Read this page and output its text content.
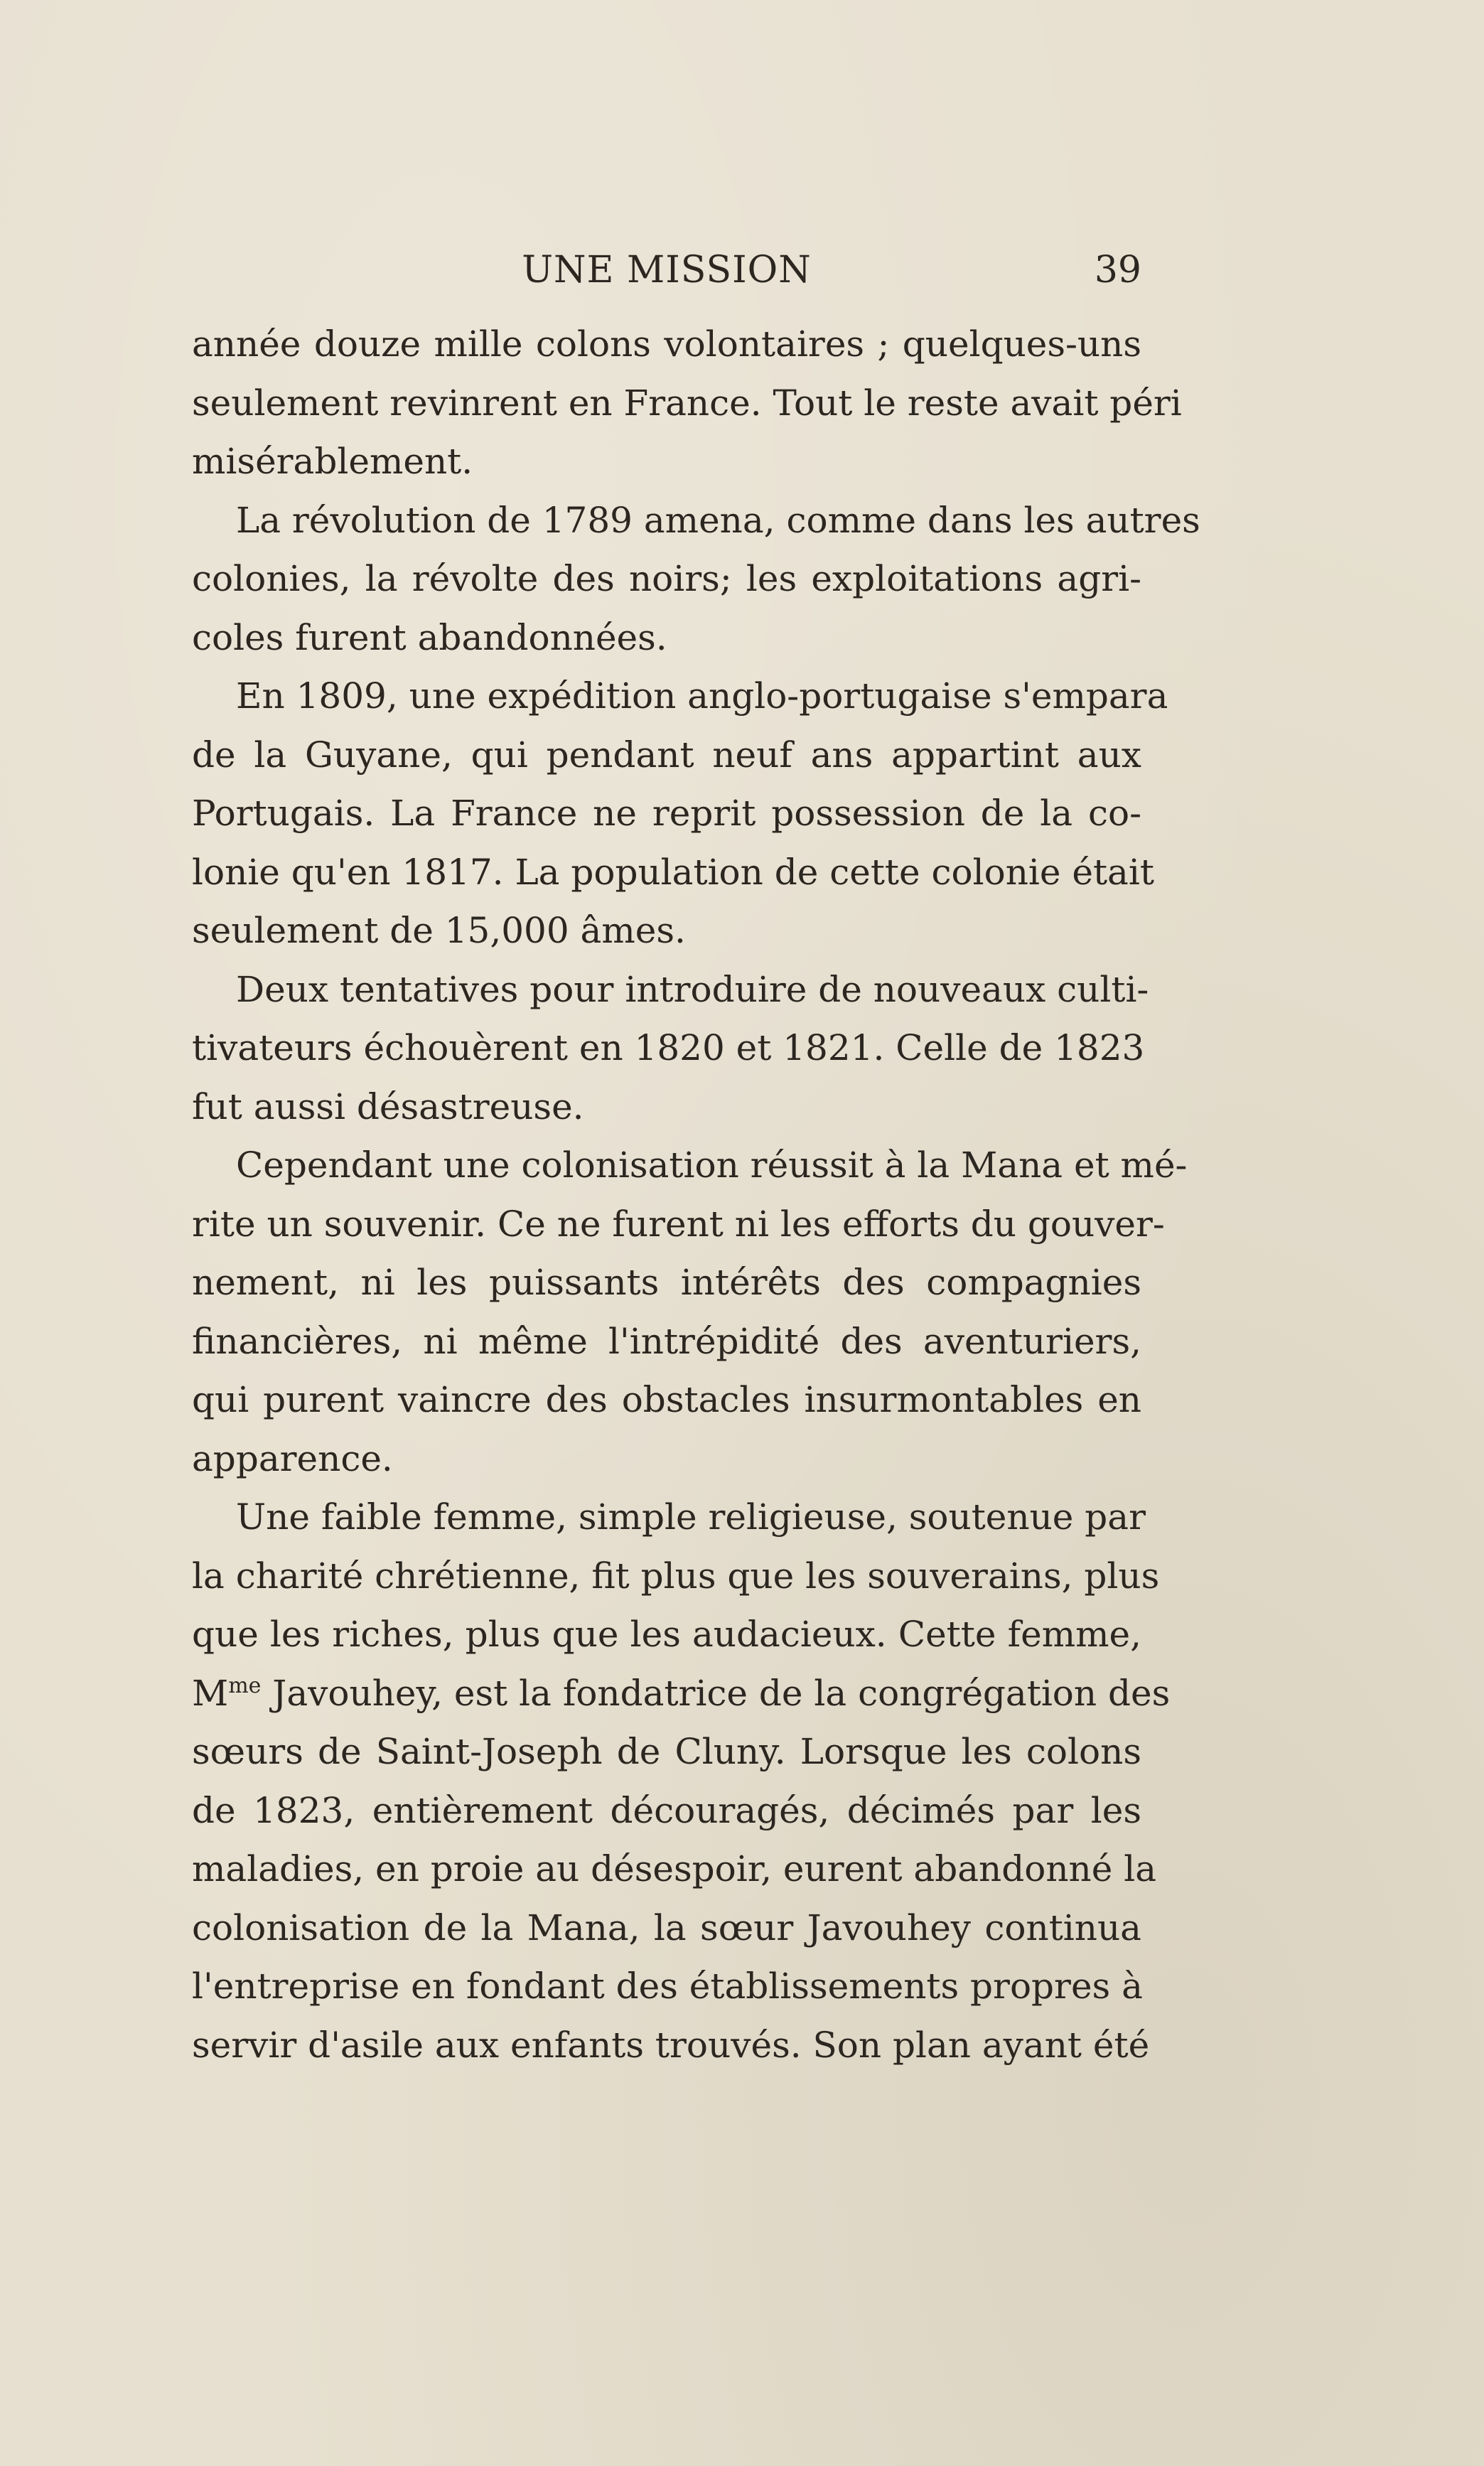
UNE MISSION	39
année douze mille colons volontaires ; quelques-uns
seulement revinrent en France. Tout le reste avait péri
misérablement.
La révolution de 1789 amena, comme dans les autres
colonies, la révolte des noirs; les exploitations agri-
coles furent abandonnées.
En 1809, une expédition anglo-portugaise s'empara
de la Guyane, qui pendant neuf ans appartint aux
Portugais. La France ne reprit possession de la co-
lonie qu'en 1817. La population de cette colonie était
seulement de 15,000 âmes.
Deux tentatives pour introduire de nouveaux culti-
tivateurs échouèrent en 1820 et 1821. Celle de 1823
fut aussi désastreuse.
Cependant une colonisation réussit à la Mana et mé-
rite un souvenir. Ce ne furent ni les efforts du gouver-
nement, ni les puissants intérêts des compagnies
financières, ni même l'intrépidité des aventuriers,
qui purent vaincre des obstacles insurmontables en
apparence.
Une faible femme, simple religieuse, soutenue par
la charité chrétienne, fit plus que les souverains, plus
que les riches, plus que les audacieux. Cette femme,
$M^{me}$ Javouhey, est la fondatrice de la congrégation des
sœurs de Saint-Joseph de Cluny. Lorsque les colons
de 1823, entièrement découragés, décimés par les
maladies, en proie au désespoir, eurent abandonné la
colonisation de la Mana, la sœur Javouhey continua
l'entreprise en fondant des établissements propres à
servir d'asile aux enfants trouvés. Son plan ayant été
